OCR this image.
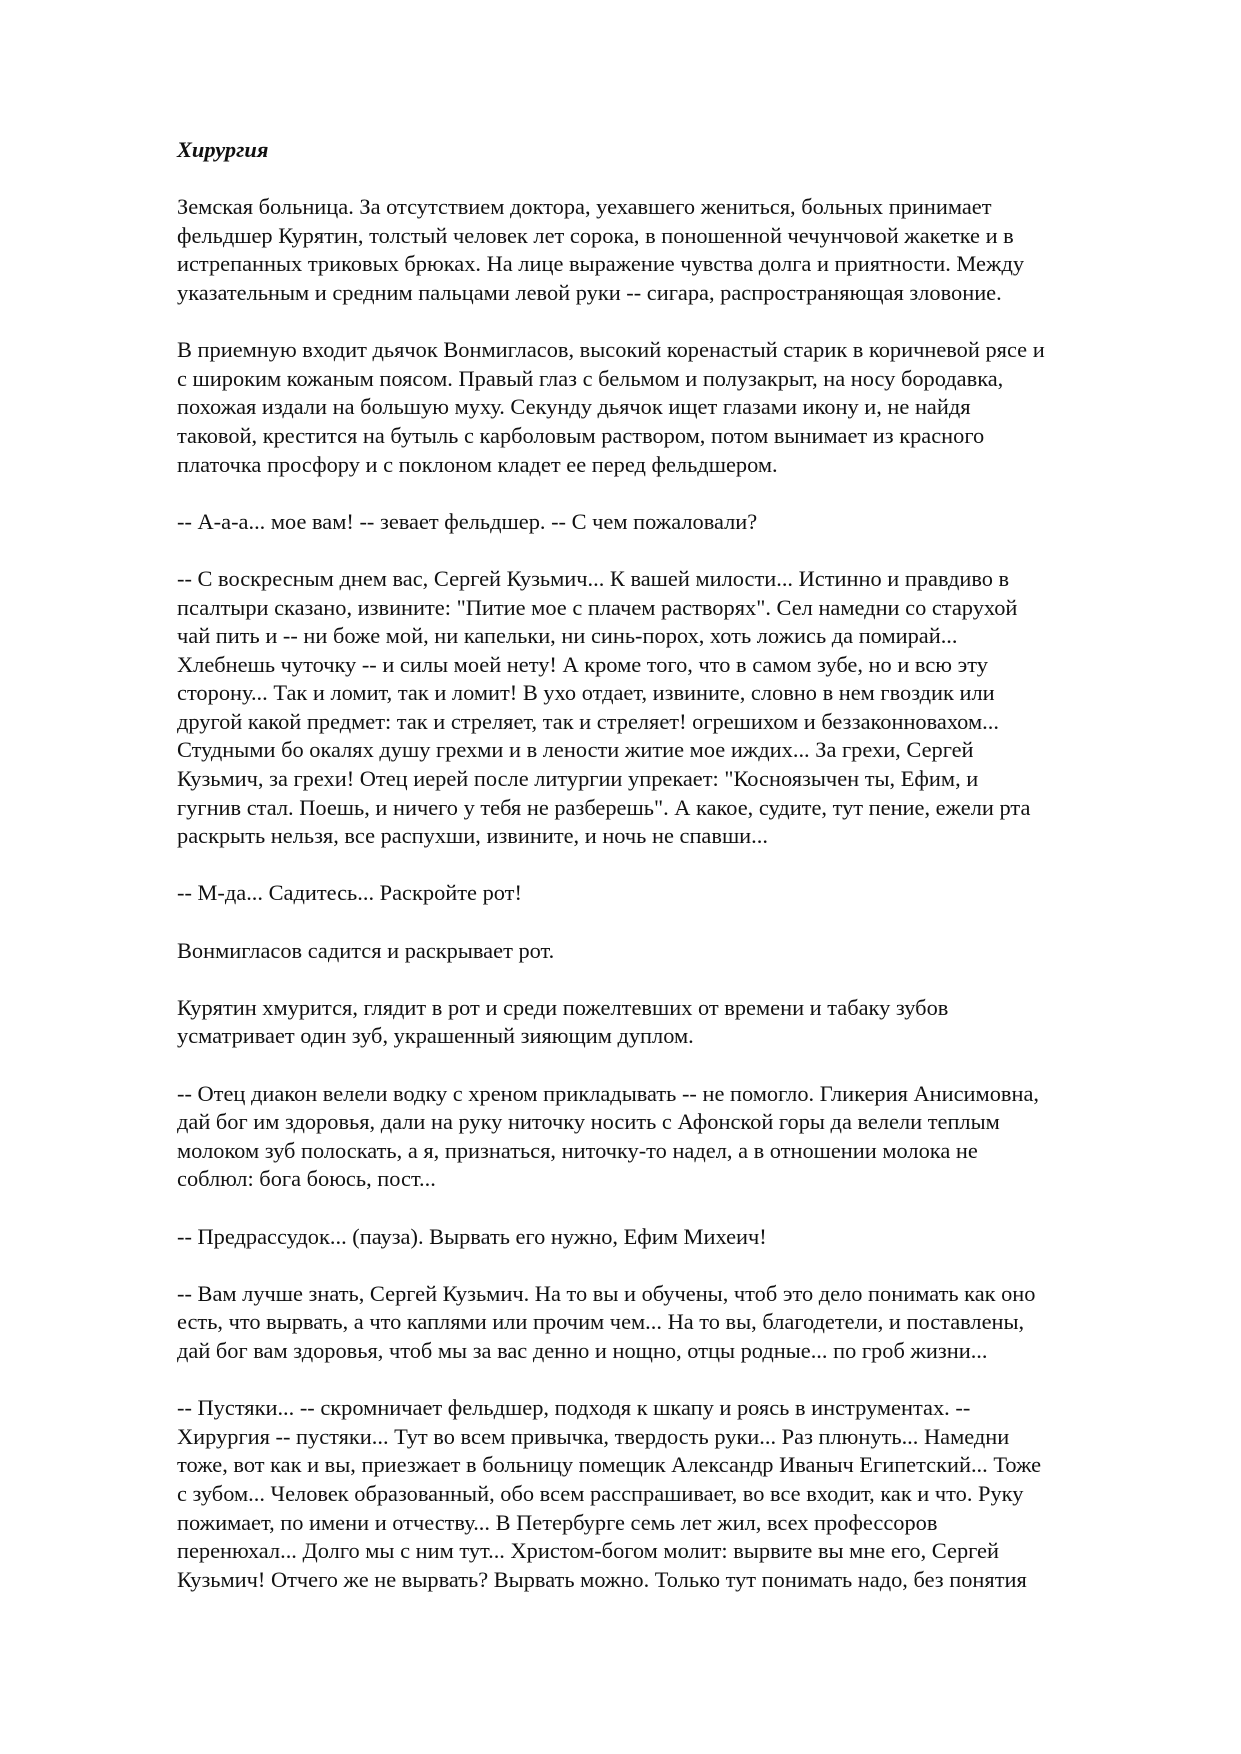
Хирургия
Земская больница. За отсутствием доктора, уехавшего жениться, больных принимает
фельдшер Курятин, толстый человек лет сорока, в поношенной чечунчовой жакетке и в
истрепанных триковых брюках. На лице выражение чувства долга и приятности. Между
указательным и средним пальцами левой руки -- сигара, распространяющая зловоние.
В приемную входит дьячок Вонмигласов, высокий коренастый старик в коричневой рясе и
с широким кожаным поясом. Правый глаз с бельмом и полузакрыт, на носу бородавка,
похожая издали на большую муху. Секунду дьячок ищет глазами икону и, не найдя
таковой, крестится на бутыль с карболовым раствором, потом вынимает из красного
платочка просфору и с поклоном кладет ее перед фельдшером.
-- А-а-а... мое вам! -- зевает фельдшер. -- С чем пожаловали?
-- С воскресным днем вас, Сергей Кузьмич... К вашей милости... Истинно и правдиво в
псалтыри сказано, извините: "Питие мое с плачем растворях". Сел намедни со старухой
чай пить и -- ни боже мой, ни капельки, ни синь-порох, хоть ложись да помирай...
Хлебнешь чуточку -- и силы моей нету! А кроме того, что в самом зубе, но и всю эту
сторону... Так и ломит, так и ломит! В ухо отдает, извините, словно в нем гвоздик или
другой какой предмет: так и стреляет, так и стреляет! огрешихом и беззаконновахом...
Студными бо окалях душу грехми и в лености житие мое иждих... За грехи, Сергей
Кузьмич, за грехи! Отец иерей после литургии упрекает: "Косноязычен ты, Ефим, и
гугнив стал. Поешь, и ничего у тебя не разберешь". А какое, судите, тут пение, ежели рта
раскрыть нельзя, все распухши, извините, и ночь не спавши...
-- М-да... Садитесь... Раскройте рот!
Вонмигласов садится и раскрывает рот.
Курятин хмурится, глядит в рот и среди пожелтевших от времени и табаку зубов
усматривает один зуб, украшенный зияющим дуплом.
-- Отец диакон велели водку с хреном прикладывать -- не помогло. Гликерия Анисимовна,
дай бог им здоровья, дали на руку ниточку носить с Афонской горы да велели теплым
молоком зуб полоскать, а я, признаться, ниточку-то надел, а в отношении молока не
соблюл: бога боюсь, пост...
-- Предрассудок... (пауза). Вырвать его нужно, Ефим Михеич!
-- Вам лучше знать, Сергей Кузьмич. На то вы и обучены, чтоб это дело понимать как оно
есть, что вырвать, а что каплями или прочим чем... На то вы, благодетели, и поставлены,
дай бог вам здоровья, чтоб мы за вас денно и нощно, отцы родные... по гроб жизни...
-- Пустяки... -- скромничает фельдшер, подходя к шкапу и роясь в инструментах. --
Хирургия -- пустяки... Тут во всем привычка, твердость руки... Раз плюнуть... Намедни
тоже, вот как и вы, приезжает в больницу помещик Александр Иваныч Египетский... Тоже
с зубом... Человек образованный, обо всем расспрашивает, во все входит, как и что. Руку
пожимает, по имени и отчеству... В Петербурге семь лет жил, всех профессоров
перенюхал... Долго мы с ним тут... Христом-богом молит: вырвите вы мне его, Сергей
Кузьмич! Отчего же не вырвать? Вырвать можно. Только тут понимать надо, без понятия
